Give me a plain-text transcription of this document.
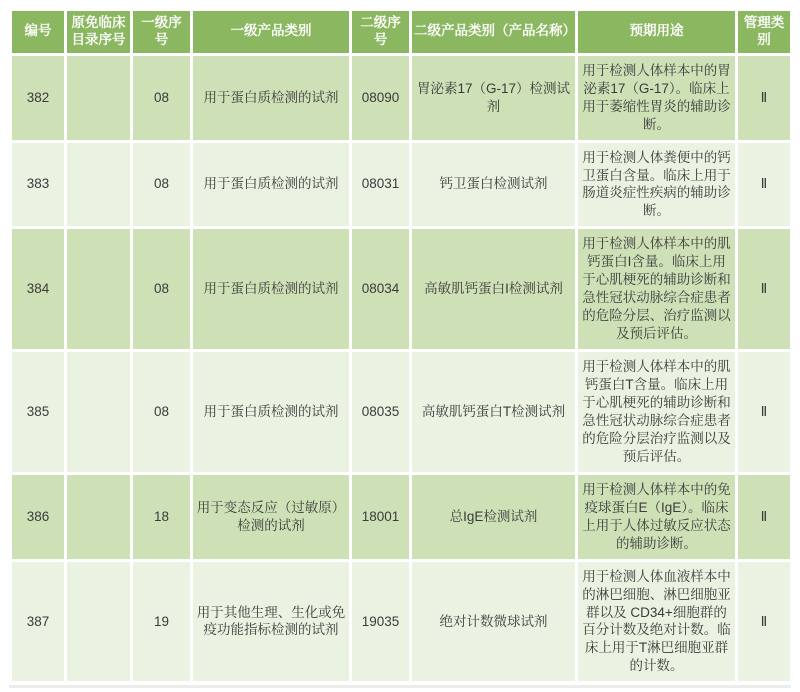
编号	原免临床目录序号	一级序号	一级产品类别	二级序号	二级产品类别（产品名称）	预期用途	管理类别
382		08	用于蛋白质检测的试剂	08090	胃泌素17（G-17）检测试剂	用于检测人体样本中的胃泌素17（G-17）。临床上用于萎缩性胃炎的辅助诊断。	Ⅱ
383		08	用于蛋白质检测的试剂	08031	钙卫蛋白检测试剂	用于检测人体粪便中的钙卫蛋白含量。临床上用于肠道炎症性疾病的辅助诊断。	Ⅱ
384		08	用于蛋白质检测的试剂	08034	高敏肌钙蛋白I检测试剂	用于检测人体样本中的肌钙蛋白I含量。临床上用于心肌梗死的辅助诊断和急性冠状动脉综合症患者的危险分层、治疗监测以及预后评估。	Ⅱ
385		08	用于蛋白质检测的试剂	08035	高敏肌钙蛋白T检测试剂	用于检测人体样本中的肌钙蛋白T含量。临床上用于心肌梗死的辅助诊断和急性冠状动脉综合症患者的危险分层治疗监测以及预后评估。	Ⅱ
386		18	用于变态反应（过敏原）检测的试剂	18001	总IgE检测试剂	用于检测人体样本中的免疫球蛋白E（IgE）。临床上用于人体过敏反应状态的辅助诊断。	Ⅱ
387		19	用于其他生理、生化或免疫功能指标检测的试剂	19035	绝对计数微球试剂	用于检测人体血液样本中的淋巴细胞、淋巴细胞亚群以及 CD34+细胞群的百分计数及绝对计数。临床上用于T淋巴细胞亚群的计数。	Ⅱ
